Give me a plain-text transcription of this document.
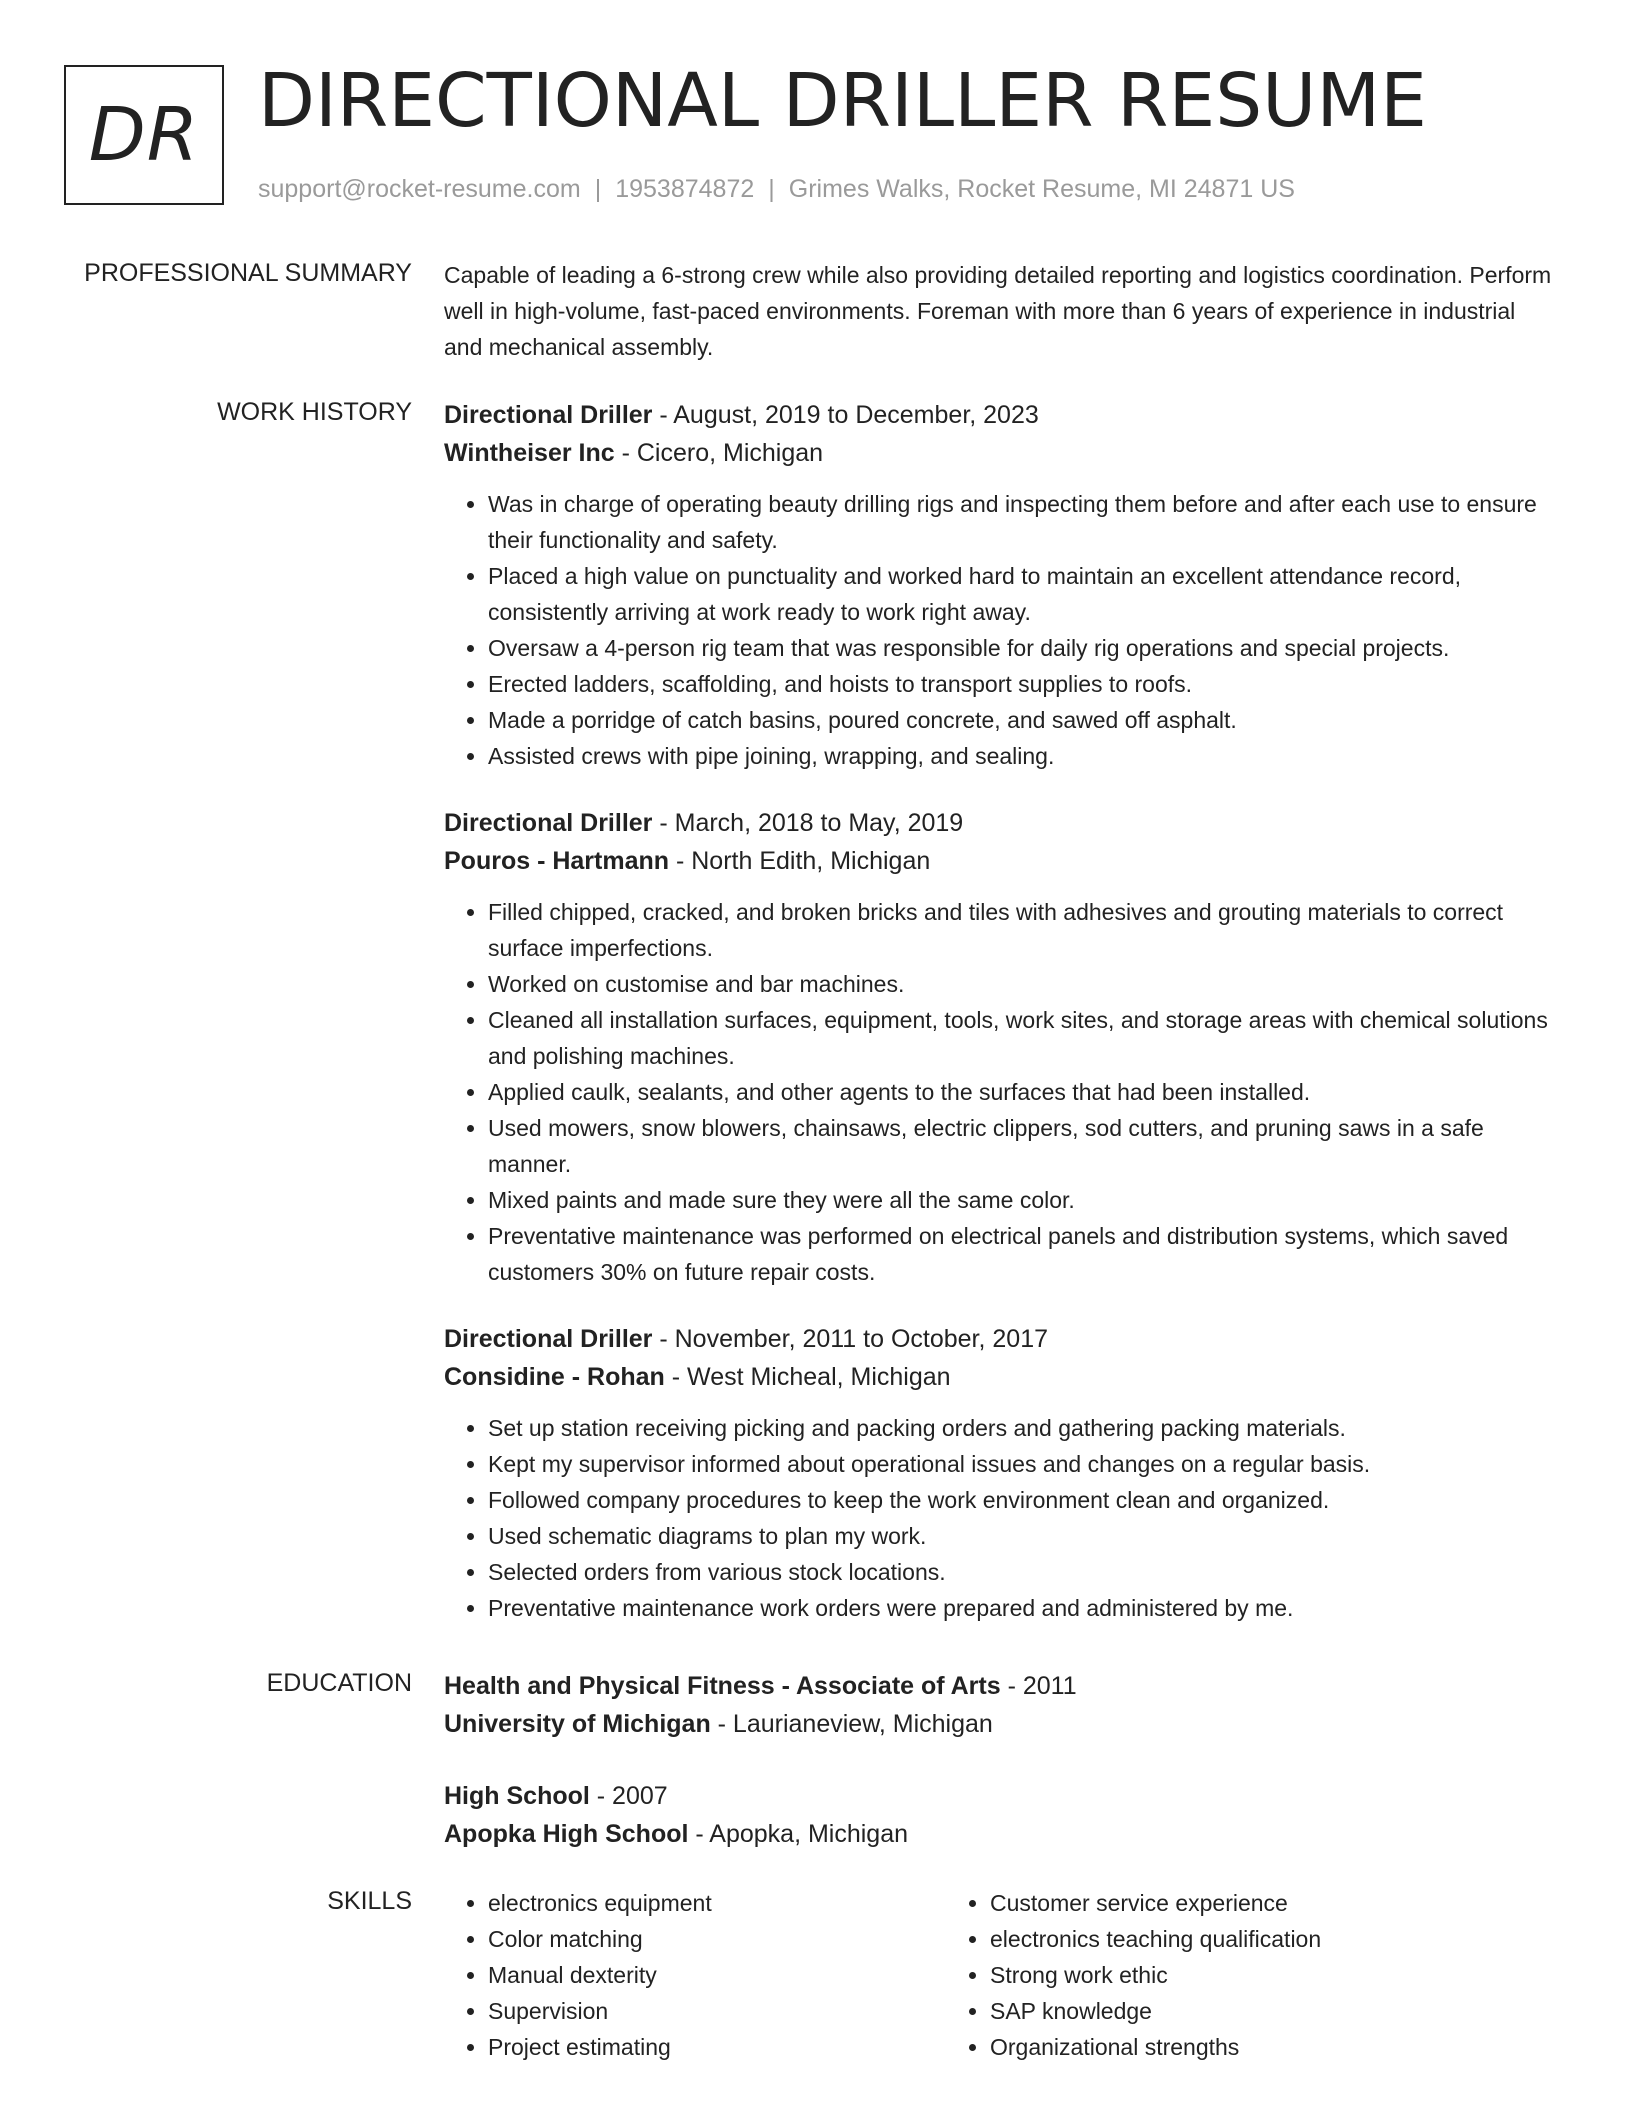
DR DIRECTIONAL DRILLER RESUME
support@rocket-resume.com | 1953874872 | Grimes Walks, Rocket Resume, MI 24871 US
PROFESSIONAL SUMMARY Capable of leading a 6-strong crew while also providing detailed reporting and logistics coordination. Perform well in high-volume, fast-paced environments. Foreman with more than 6 years of experience in industrial and mechanical assembly.

WORK HISTORY Directional Driller - August, 2019 to December, 2023
Wintheiser Inc - Cicero, Michigan
• Was in charge of operating beauty drilling rigs and inspecting them before and after each use to ensure their functionality and safety.
• Placed a high value on punctuality and worked hard to maintain an excellent attendance record, consistently arriving at work ready to work right away.
• Oversaw a 4-person rig team that was responsible for daily rig operations and special projects.
• Erected ladders, scaffolding, and hoists to transport supplies to roofs.
• Made a porridge of catch basins, poured concrete, and sawed off asphalt.
• Assisted crews with pipe joining, wrapping, and sealing.
Directional Driller - March, 2018 to May, 2019
Pouros - Hartmann - North Edith, Michigan
• Filled chipped, cracked, and broken bricks and tiles with adhesives and grouting materials to correct surface imperfections.
• Worked on customise and bar machines.
• Cleaned all installation surfaces, equipment, tools, work sites, and storage areas with chemical solutions and polishing machines.
• Applied caulk, sealants, and other agents to the surfaces that had been installed.
• Used mowers, snow blowers, chainsaws, electric clippers, sod cutters, and pruning saws in a safe manner.
• Mixed paints and made sure they were all the same color.
• Preventative maintenance was performed on electrical panels and distribution systems, which saved customers 30% on future repair costs.
Directional Driller - November, 2011 to October, 2017
Considine - Rohan - West Micheal, Michigan
• Set up station receiving picking and packing orders and gathering packing materials.
• Kept my supervisor informed about operational issues and changes on a regular basis.
• Followed company procedures to keep the work environment clean and organized.
• Used schematic diagrams to plan my work.
• Selected orders from various stock locations.
• Preventative maintenance work orders were prepared and administered by me.
EDUCATION Health and Physical Fitness - Associate of Arts - 2011
University of Michigan - Laurianeview, Michigan
High School - 2007
Apopka High School - Apopka, Michigan
SKILLS
•	electronics equipment
• Color matching
• Manual dexterity
• Supervision
• Project estimating
• Customer service experience
• electronics teaching qualification
• Strong work ethic
• SAP knowledge
• Organizational strengths
